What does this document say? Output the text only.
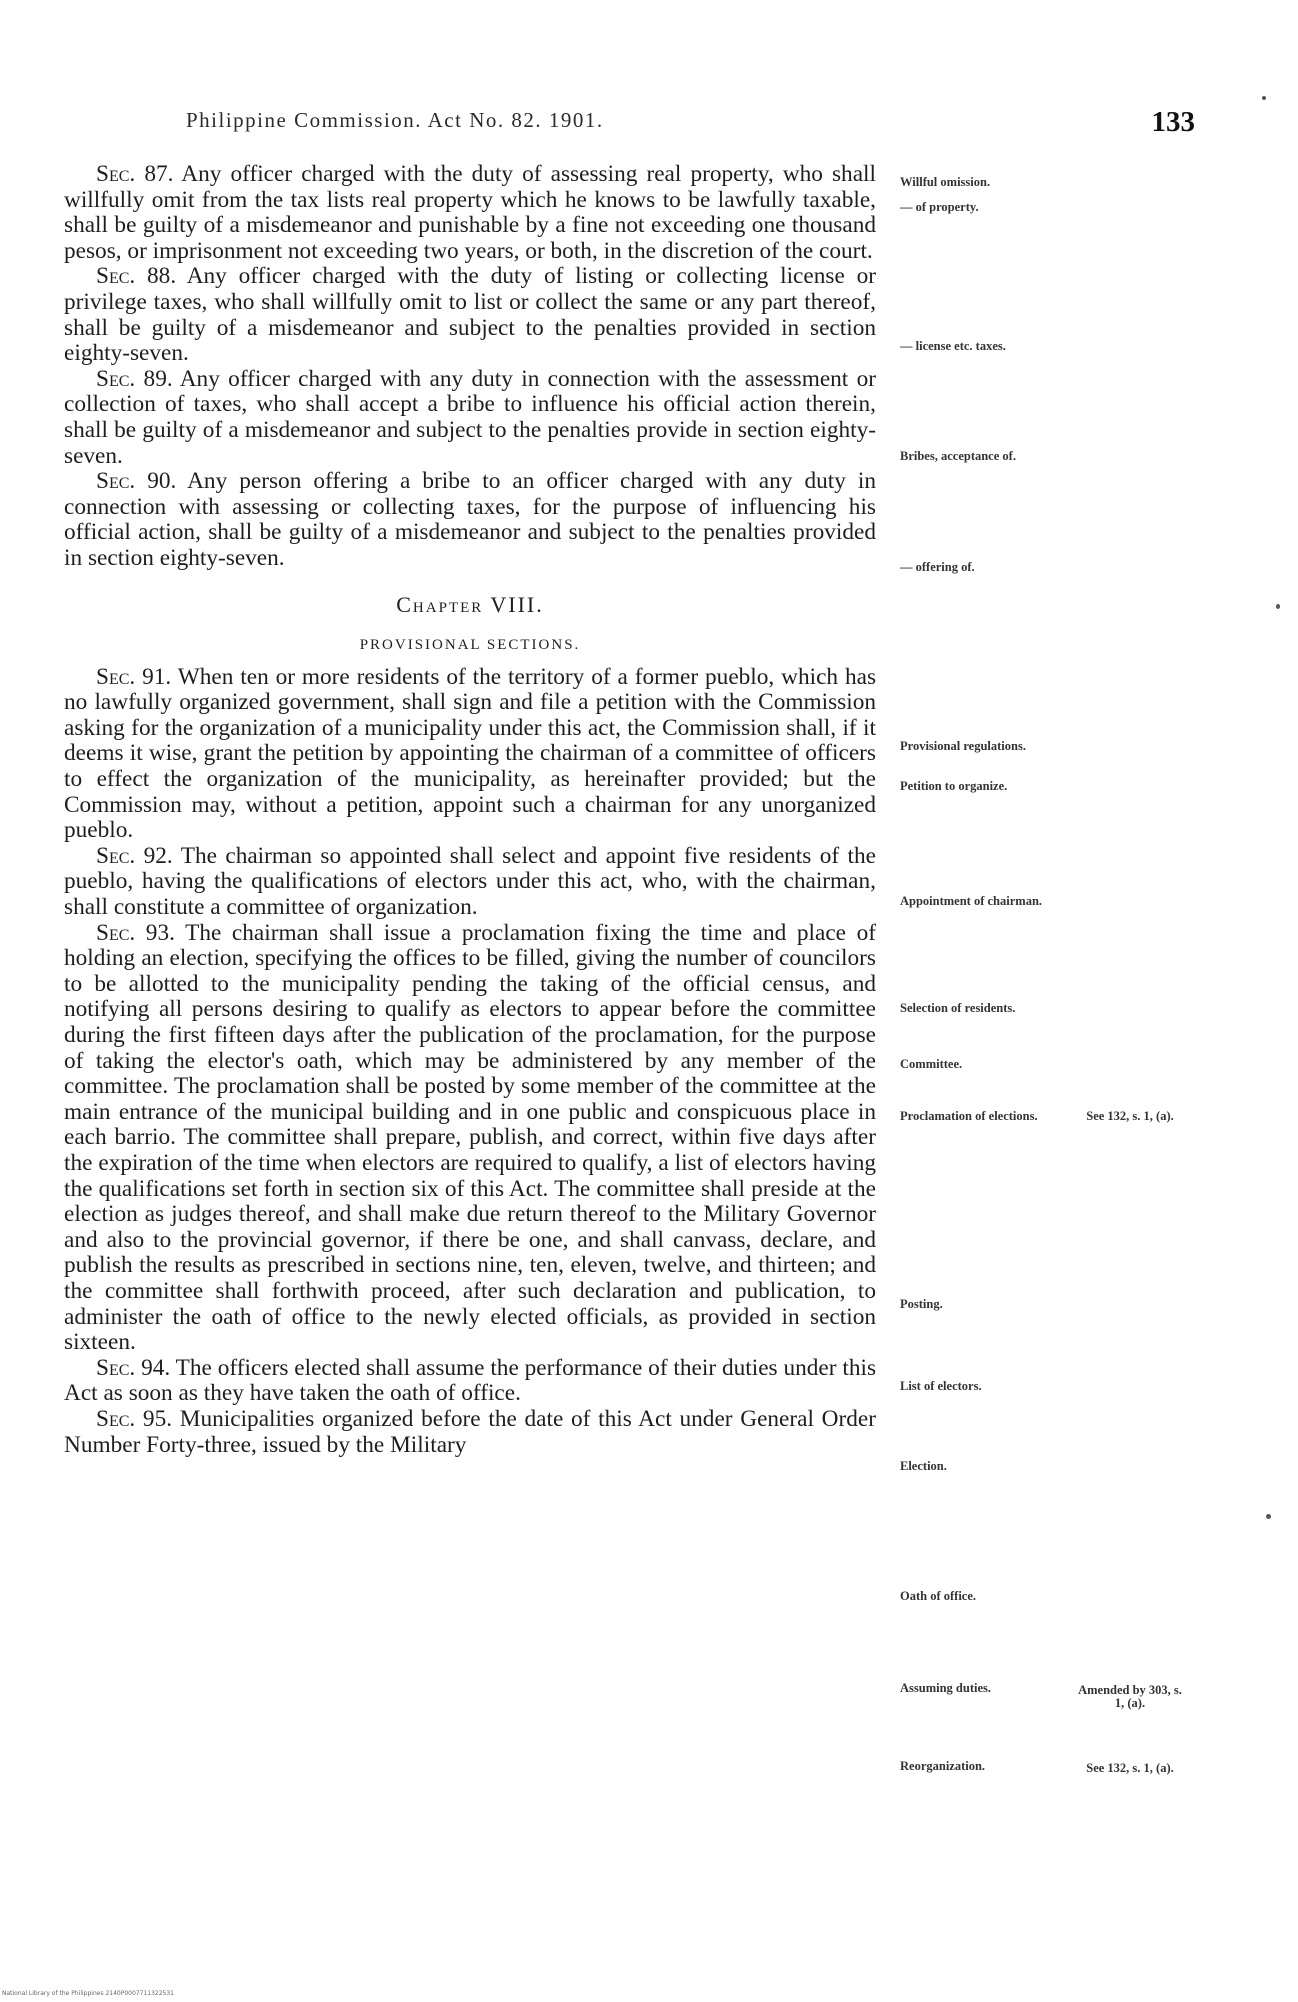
Philippine Commission. Act No. 82. 1901.	133

Sec. 87. Any officer charged with the duty of assessing real property, who shall willfully omit from the tax lists real property which he knows to be lawfully taxable, shall be guilty of a misdemeanor and punishable by a fine not exceeding one thousand pesos, or imprisonment not exceeding two years, or both, in the discretion of the court.

Sec. 88. Any officer charged with the duty of listing or collecting license or privilege taxes, who shall willfully omit to list or collect the same or any part thereof, shall be guilty of a misdemeanor and subject to the penalties provided in section eighty-seven.

Sec. 89. Any officer charged with any duty in connection with the assessment or collection of taxes, who shall accept a bribe to influence his official action therein, shall be guilty of a misdemeanor and subject to the penalties provide in section eighty-seven.

Sec. 90. Any person offering a bribe to an officer charged with any duty in connection with assessing or collecting taxes, for the purpose of influencing his official action, shall be guilty of a misdemeanor and subject to the penalties provided in section eighty-seven.

Chapter VIII.
PROVISIONAL SECTIONS.

Sec. 91. When ten or more residents of the territory of a former pueblo, which has no lawfully organized government, shall sign and file a petition with the Commission asking for the organization of a municipality under this act, the Commission shall, if it deems it wise, grant the petition by appointing the chairman of a committee of officers to effect the organization of the municipality, as hereinafter provided; but the Commission may, without a petition, appoint such a chairman for any unorganized pueblo.

Sec. 92. The chairman so appointed shall select and appoint five residents of the pueblo, having the qualifications of electors under this act, who, with the chairman, shall constitute a committee of organization.

Sec. 93. The chairman shall issue a proclamation fixing the time and place of holding an election, specifying the offices to be filled, giving the number of councilors to be allotted to the municipality pending the taking of the official census, and notifying all persons desiring to qualify as electors to appear before the committee during the first fifteen days after the publication of the proclamation, for the purpose of taking the elector's oath, which may be administered by any member of the committee. The proclamation shall be posted by some member of the committee at the main entrance of the municipal building and in one public and conspicuous place in each barrio. The committee shall prepare, publish, and correct, within five days after the expiration of the time when electors are required to qualify, a list of electors having the qualifications set forth in section six of this Act. The committee shall preside at the election as judges thereof, and shall make due return thereof to the Military Governor and also to the provincial governor, if there be one, and shall canvass, declare, and publish the results as prescribed in sections nine, ten, eleven, twelve, and thirteen; and the committee shall forthwith proceed, after such declaration and publication, to administer the oath of office to the newly elected officials, as provided in section sixteen.

Sec. 94. The officers elected shall assume the performance of their duties under this Act as soon as they have taken the oath of office.

Sec. 95. Municipalities organized before the date of this Act under General Order Number Forty-three, issued by the Military

Willful omission.
— of property.
— license etc. taxes.
Bribes, acceptance of.
— offering of.
Provisional regulations.
Petition to organize.
Appointment of chairman.
Selection of residents.
Committee.
Proclamation of elections.
Posting.
List of electors.
Election.
Oath of office.
Assuming duties.
Reorganization.
See 132, s. 1, (a).
Amended by 303, s. 1, (a).
See 132, s. 1, (a).
National Library of the Philippines 2140P0007711322531
